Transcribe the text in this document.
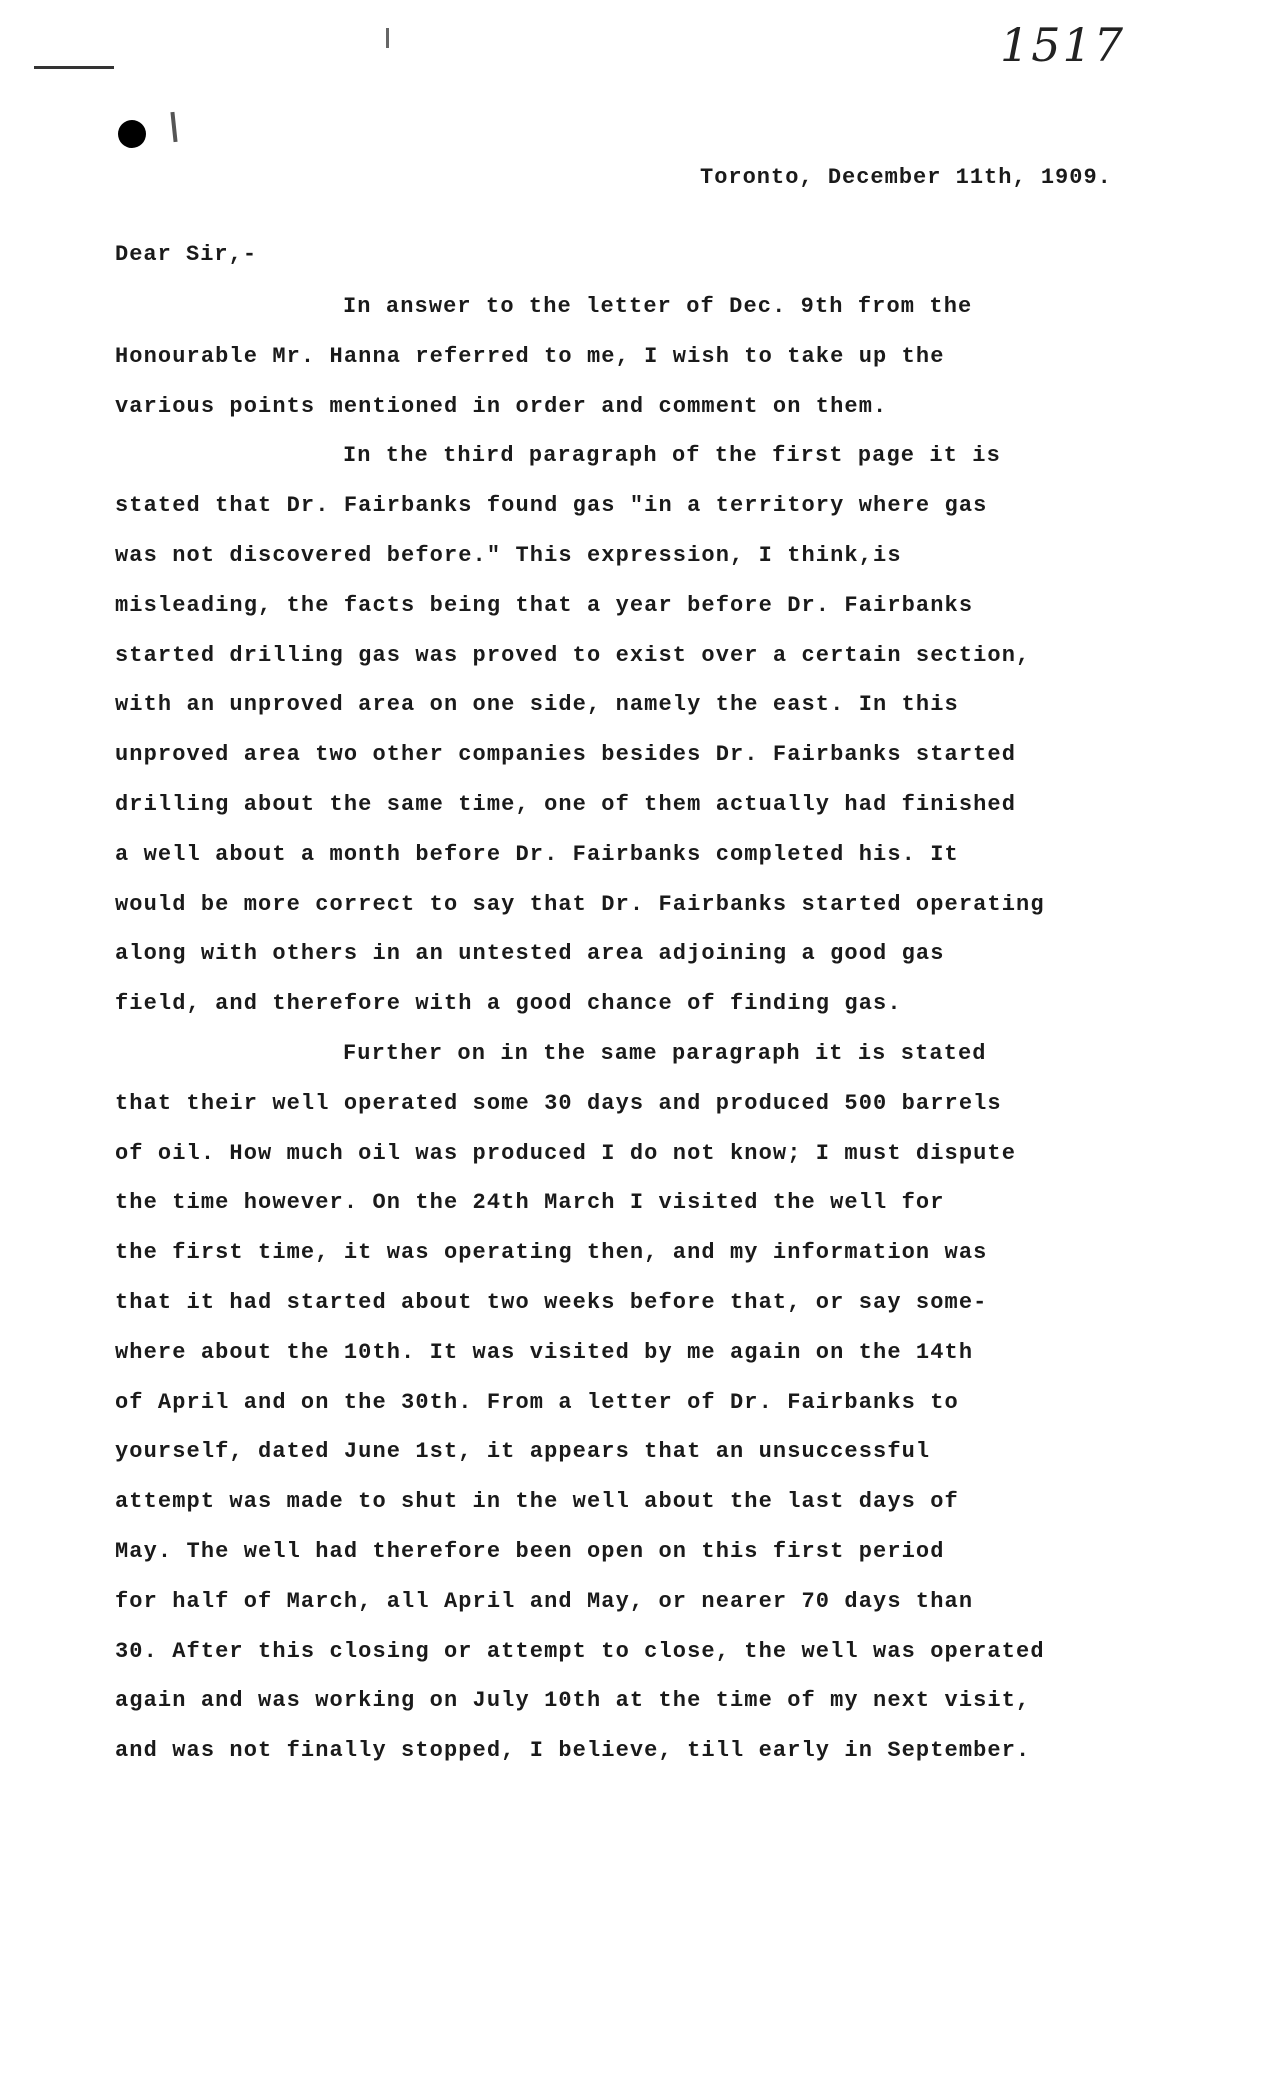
1517
Toronto, December 11th, 1909.
Dear Sir,-
In answer to the letter of Dec. 9th from the
Honourable Mr. Hanna referred to me, I wish to take up the
various points mentioned in order and comment on them.
In the third paragraph of the first page it is
stated that Dr. Fairbanks found gas "in a territory where gas
was not discovered before." This expression, I think,is
misleading, the facts being that a year before Dr. Fairbanks
started drilling gas was proved to exist over a certain section,
with an unproved area on one side, namely the east. In this
unproved area two other companies besides Dr. Fairbanks started
drilling about the same time, one of them actually had finished
a well about a month before Dr. Fairbanks completed his. It
would be more correct to say that Dr. Fairbanks started operating
along with others in an untested area adjoining a good gas
field, and therefore with a good chance of finding gas.
Further on in the same paragraph it is stated
that their well operated some 30 days and produced 500 barrels
of oil. How much oil was produced I do not know; I must dispute
the time however. On the 24th March I visited the well for
the first time, it was operating then, and my information was
that it had started about two weeks before that, or say some-
where about the 10th. It was visited by me again on the 14th
of April and on the 30th. From a letter of Dr. Fairbanks to
yourself, dated June 1st, it appears that an unsuccessful
attempt was made to shut in the well about the last days of
May. The well had therefore been open on this first period
for half of March, all April and May, or nearer 70 days than
30. After this closing or attempt to close, the well was operated
again and was working on July 10th at the time of my next visit,
and was not finally stopped, I believe, till early in September.
